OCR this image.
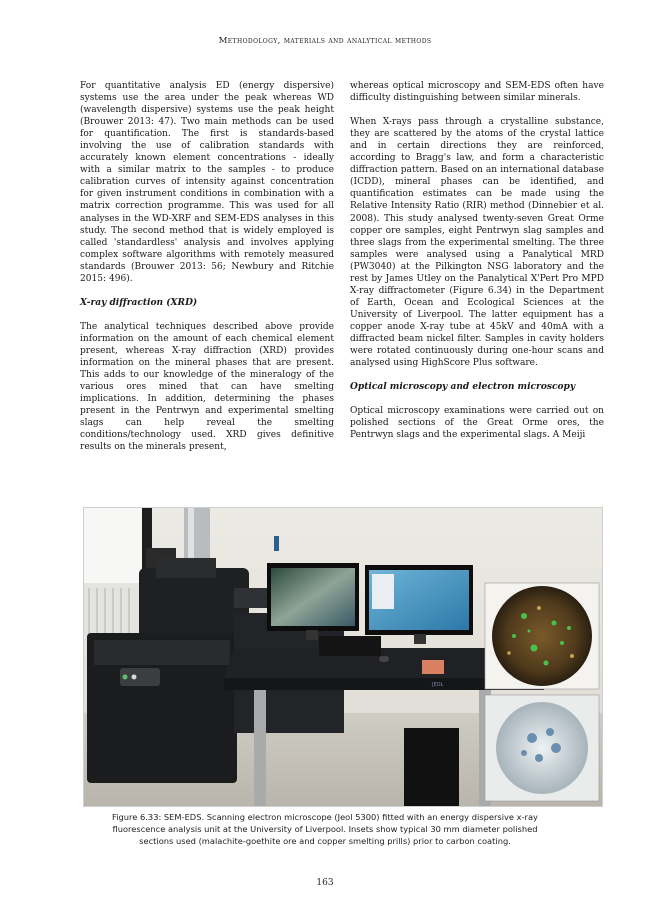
Methodology, materials and analytical methods

For quantitative analysis ED (energy dispersive) systems use the area under the peak whereas WD (wavelength dispersive) systems use the peak height (Brouwer 2013: 47). Two main methods can be used for quantification. The first is standards-based involving the use of calibration standards with accurately known element concentrations - ideally with a similar matrix to the samples - to produce calibration curves of intensity against concentration for given instrument conditions in combination with a matrix correction programme. This was used for all analyses in the WD-XRF and SEM-EDS analyses in this study. The second method that is widely employed is called 'standardless' analysis and involves applying complex software algorithms with remotely measured standards (Brouwer 2013: 56; Newbury and Ritchie 2015: 496).

X-ray diffraction (XRD)

The analytical techniques described above provide information on the amount of each chemical element present, whereas X-ray diffraction (XRD) provides information on the mineral phases that are present. This adds to our knowledge of the mineralogy of the various ores mined that can have smelting implications. In addition, determining the phases present in the Pentrwyn and experimental smelting slags can help reveal the smelting conditions/technology used. XRD gives definitive results on the minerals present,

whereas optical microscopy and SEM-EDS often have difficulty distinguishing between similar minerals.

When X-rays pass through a crystalline substance, they are scattered by the atoms of the crystal lattice and in certain directions they are reinforced, according to Bragg's law, and form a characteristic diffraction pattern. Based on an international database (ICDD), mineral phases can be identified, and quantification estimates can be made using the Relative Intensity Ratio (RIR) method (Dinnebier et al. 2008). This study analysed twenty-seven Great Orme copper ore samples, eight Pentrwyn slag samples and three slags from the experimental smelting. The three samples were analysed using a Panalytical MRD (PW3040) at the Pilkington NSG laboratory and the rest by James Utley on the Panalytical X'Pert Pro MPD X-ray diffractometer (Figure 6.34) in the Department of Earth, Ocean and Ecological Sciences at the University of Liverpool. The latter equipment has a copper anode X-ray tube at 45kV and 40mA with a diffracted beam nickel filter. Samples in cavity holders were rotated continuously during one-hour scans and analysed using HighScore Plus software.

Optical microscopy and electron microscopy

Optical microscopy examinations were carried out on polished sections of the Great Orme ores, the Pentrwyn slags and the experimental slags. A Meiji

JEOL
Figure 6.33: SEM-EDS. Scanning electron microscope (Jeol 5300) fitted with an energy dispersive x-ray fluorescence analysis unit at the University of Liverpool. Insets show typical 30 mm diameter polished sections used (malachite-goethite ore and copper smelting prills) prior to carbon coating.
163
